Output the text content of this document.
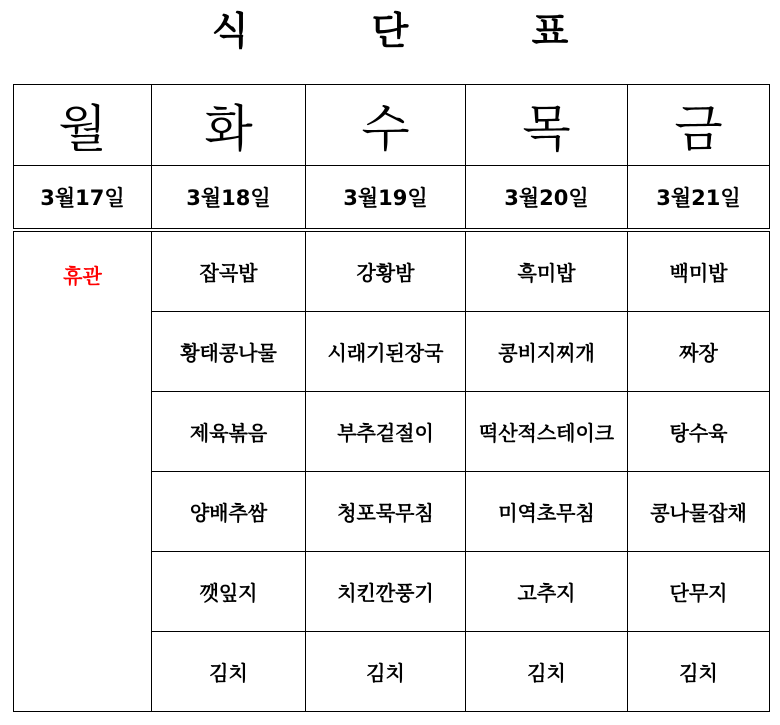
식 단 표
월	화	수	목	금
3월17일	3월18일	3월19일	3월20일	3월21일
휴관	잡곡밥	강황밤	흑미밥	백미밥
	황태콩나물	시래기된장국	콩비지찌개	짜장
	제육볶음	부추겉절이	떡산적스테이크	탕수육
	양배추쌈	청포묵무침	미역초무침	콩나물잡채
	깻잎지	치킨깐풍기	고추지	단무지
	김치	김치	김치	김치
